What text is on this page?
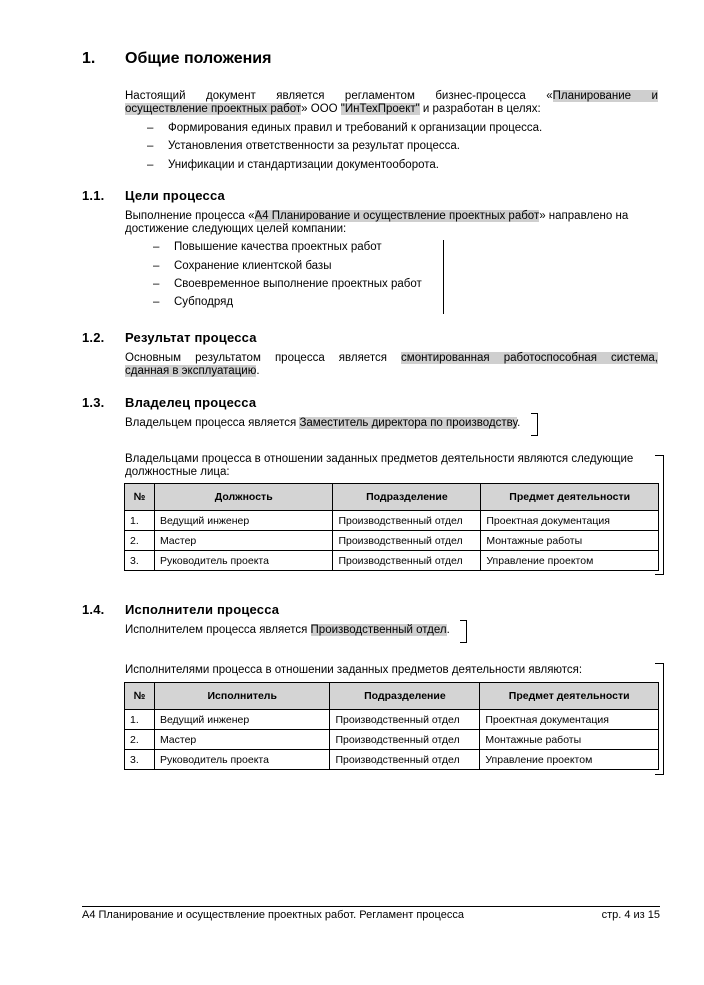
1. Общие положения
Настоящий документ является регламентом бизнес-процесса «Планирование и
осуществление проектных работ» ООО "ИнТехПроект" и разработан в целях:
– Формирования единых правил и требований к организации процесса.
– Установления ответственности за результат процесса.
– Унификации и стандартизации документооборота.
1.1. Цели процесса
Выполнение процесса «А4 Планирование и осуществление проектных работ» направлено на
достижение следующих целей компании:
– Повышение качества проектных работ
– Сохранение клиентской базы
– Своевременное выполнение проектных работ
– Субподряд
1.2. Результат процесса
Основным результатом процесса является смонтированная работоспособная система,
сданная в эксплуатацию.
1.3. Владелец процесса
Владельцем процесса является Заместитель директора по производству.
Владельцами процесса в отношении заданных предметов деятельности являются следующие
должностные лица:
№	Должность	Подразделение	Предмет деятельности
1.	Ведущий инженер	Производственный отдел	Проектная документация
2.	Мастер	Производственный отдел	Монтажные работы
3.	Руководитель проекта	Производственный отдел	Управление проектом
1.4. Исполнители процесса
Исполнителем процесса является Производственный отдел.
Исполнителями процесса в отношении заданных предметов деятельности являются:
№	Исполнитель	Подразделение	Предмет деятельности
1.	Ведущий инженер	Производственный отдел	Проектная документация
2.	Мастер	Производственный отдел	Монтажные работы
3.	Руководитель проекта	Производственный отдел	Управление проектом
А4 Планирование и осуществление проектных работ. Регламент процесса	стр. 4 из 15
